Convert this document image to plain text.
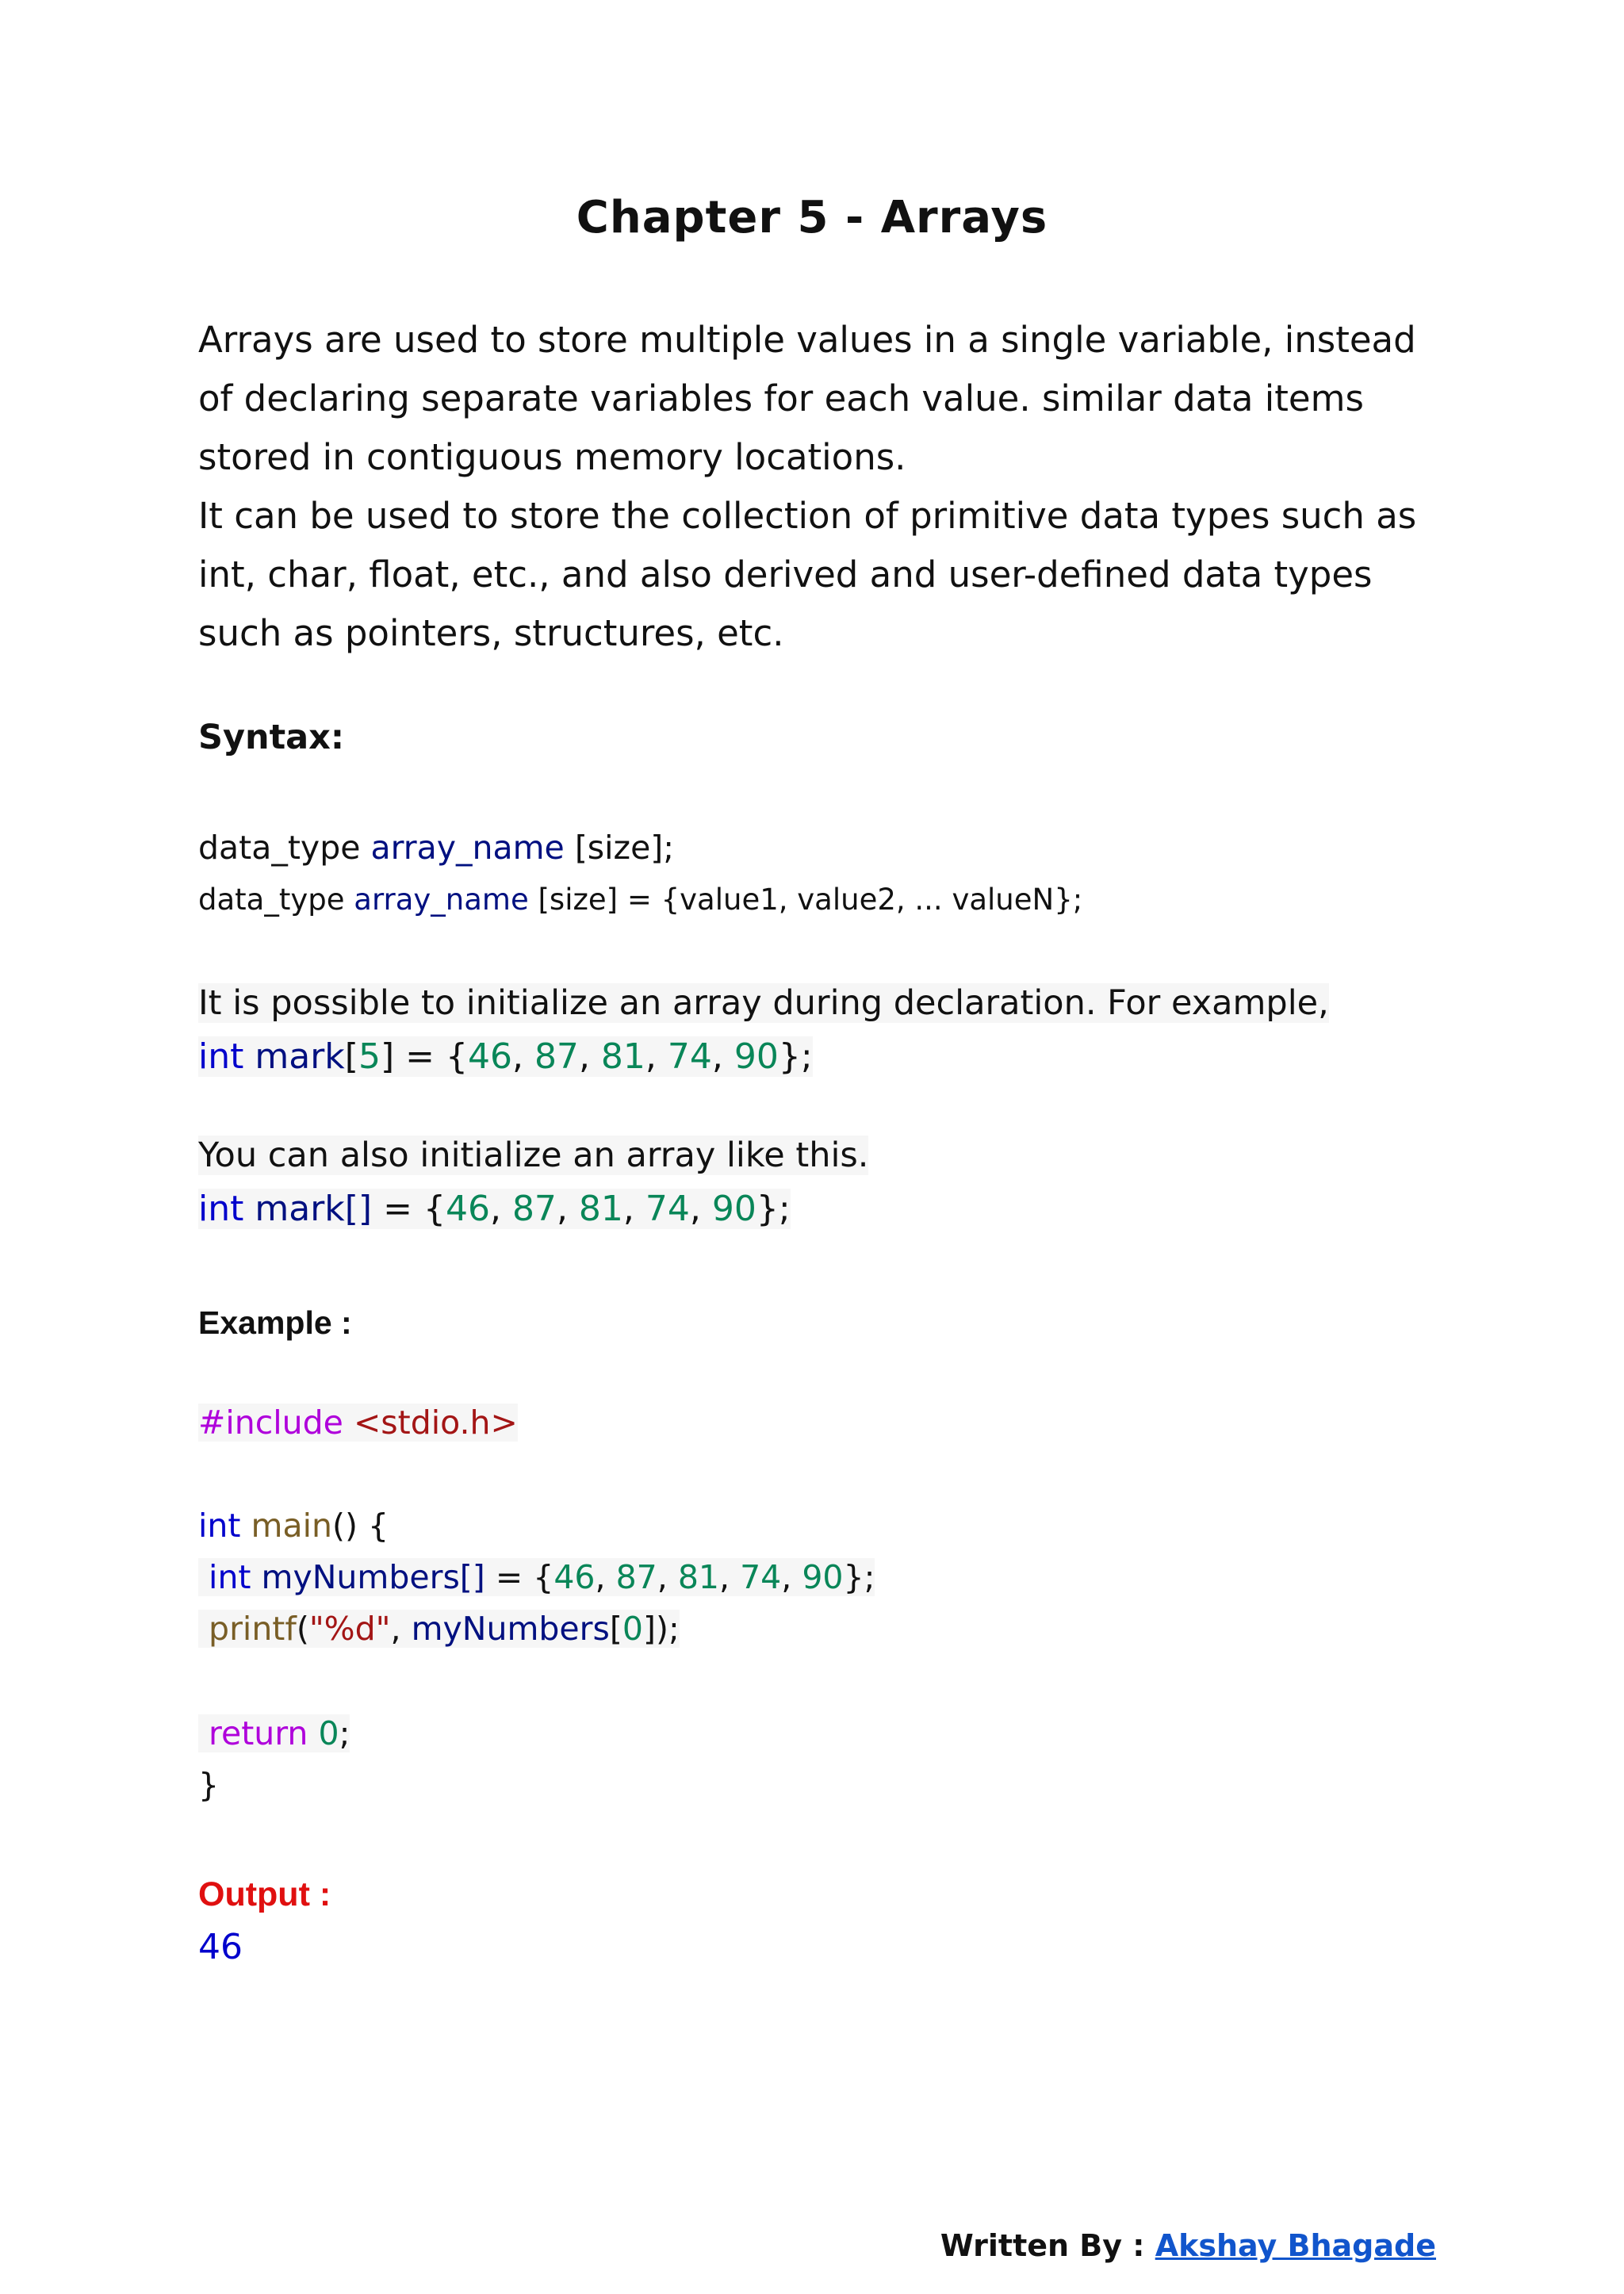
Chapter 5 - Arrays
Arrays are used to store multiple values in a single variable, instead
of declaring separate variables for each value. similar data items
stored in contiguous memory locations.
It can be used to store the collection of primitive data types such as
int, char, float, etc., and also derived and user-defined data types
such as pointers, structures, etc.
Syntax:
data_type array_name [size];
data_type array_name [size] = {value1, value2, ... valueN};
It is possible to initialize an array during declaration. For example,
int mark[5] = {46, 87, 81, 74, 90};
You can also initialize an array like this.
int mark[] = {46, 87, 81, 74, 90};
Example :
#include <stdio.h>
int main() {
int myNumbers[] = {46, 87, 81, 74, 90};
printf("%d", myNumbers[0]);
return 0;
}
Output :
46
Written By : Akshay Bhagade
